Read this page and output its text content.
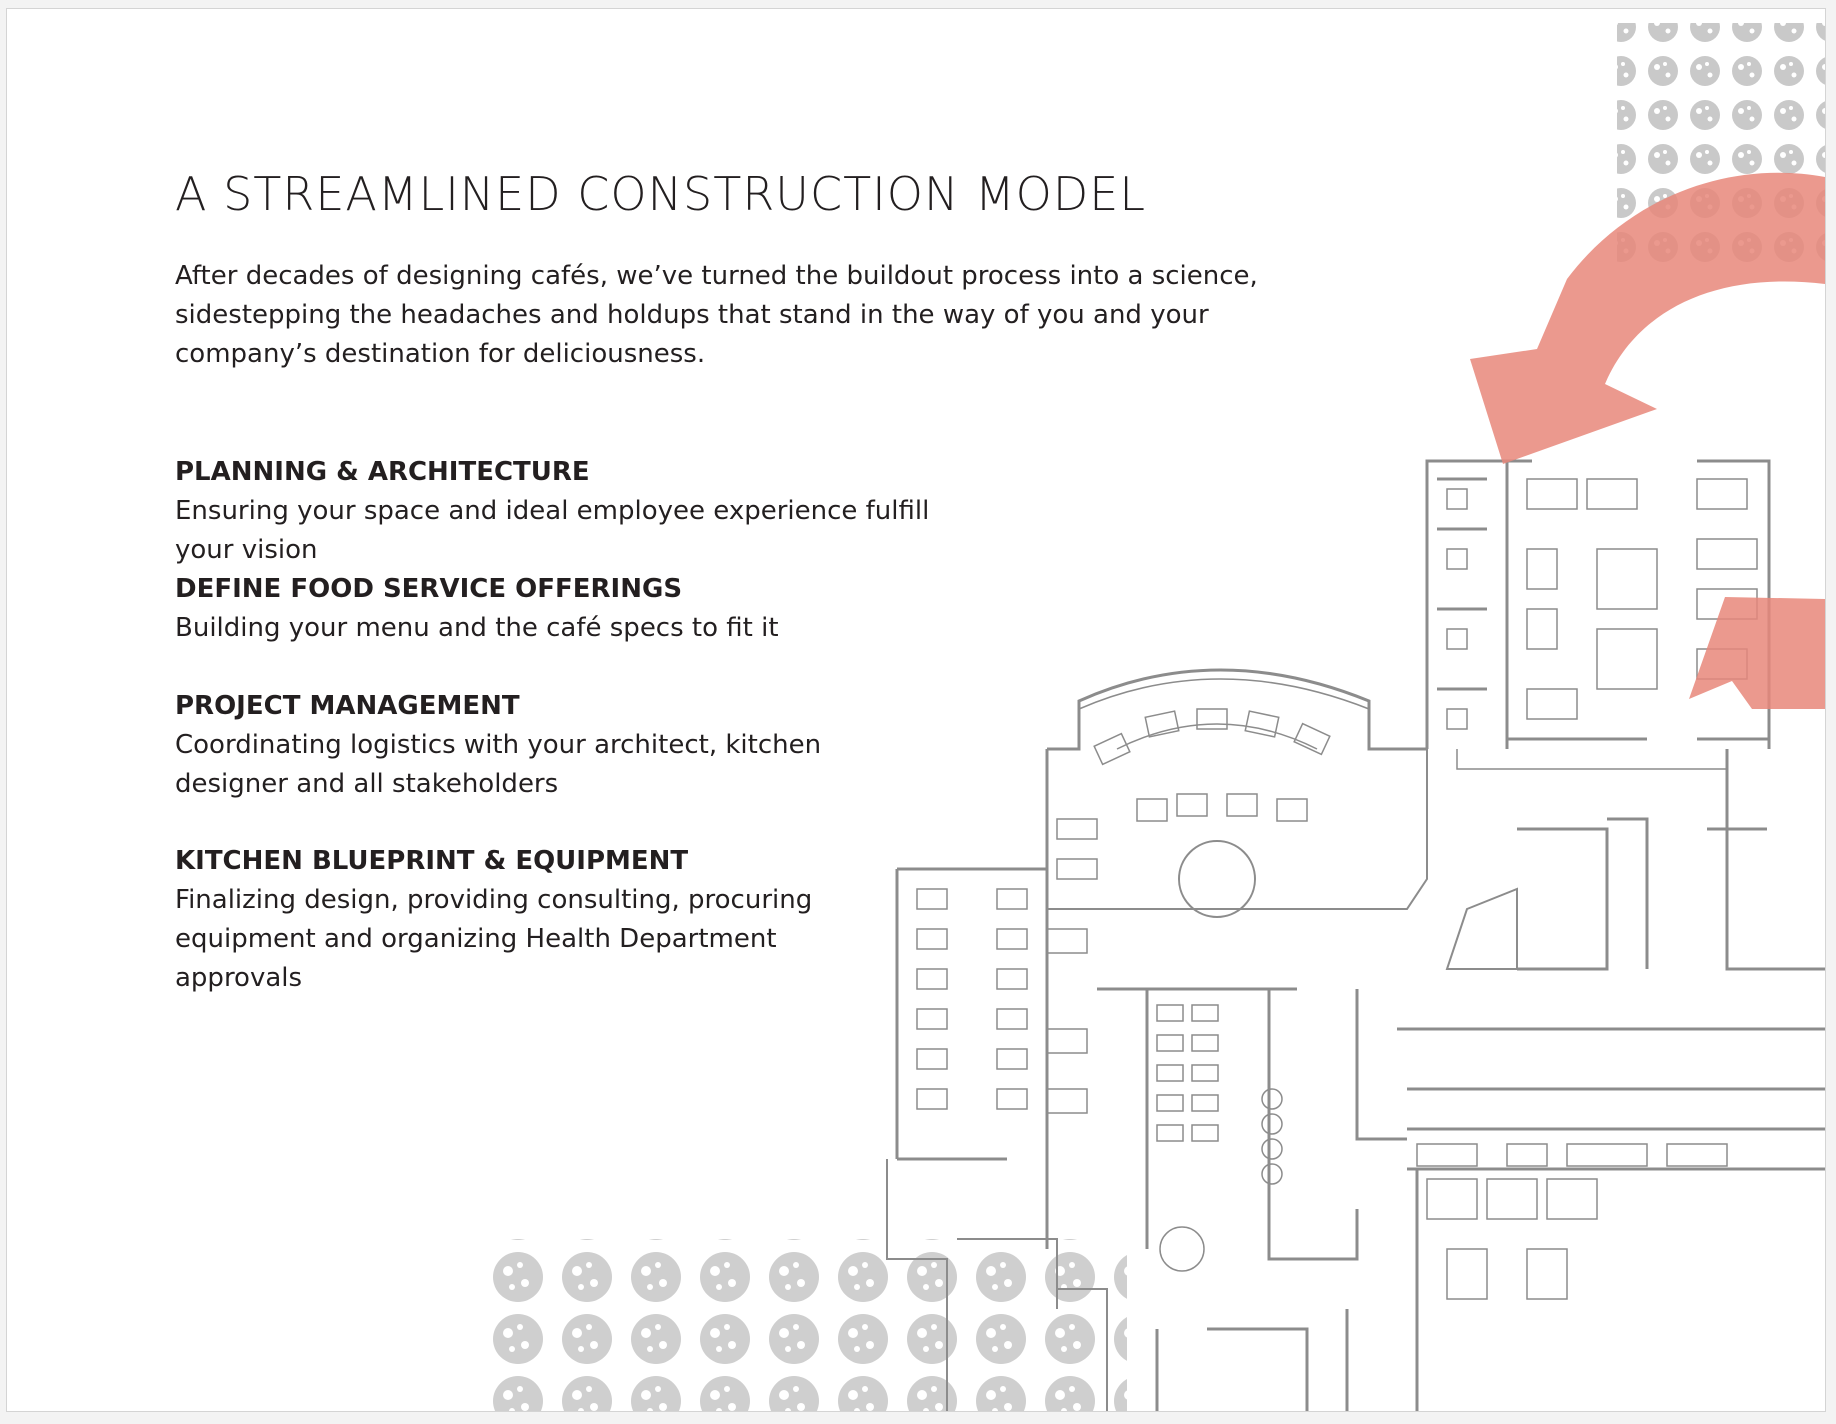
A STREAMLINED CONSTRUCTION MODEL

After decades of designing cafés, we’ve turned the buildout process into a science, sidestepping the headaches and holdups that stand in the way of you and your company’s destination for deliciousness.

PLANNING & ARCHITECTURE

Ensuring your space and ideal employee experience fulfill your vision

DEFINE FOOD SERVICE OFFERINGS

Building your menu and the café specs to fit it

PROJECT MANAGEMENT

Coordinating logistics with your architect, kitchen designer and all stakeholders

KITCHEN BLUEPRINT & EQUIPMENT

Finalizing design, providing consulting, procuring equipment and organizing Health Department approvals
